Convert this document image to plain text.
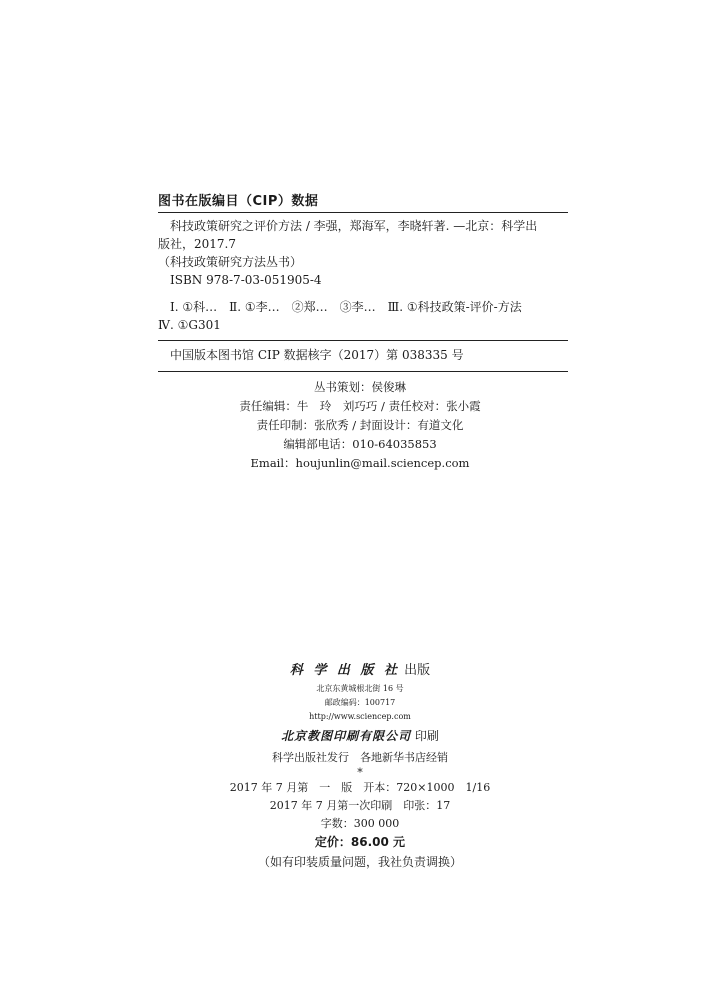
图书在版编目（CIP）数据
科技政策研究之评价方法 / 李强，郑海军，李晓轩著. —北京：科学出
版社，2017.7
（科技政策研究方法丛书）
ISBN 978-7-03-051905-4
Ⅰ. ①科…　Ⅱ. ①李…　②郑…　③李…　Ⅲ. ①科技政策-评价-方法
Ⅳ. ①G301
中国版本图书馆 CIP 数据核字（2017）第 038335 号
丛书策划：侯俊琳
责任编辑：牛　玲　刘巧巧 / 责任校对：张小霞
责任印制：张欣秀 / 封面设计：有道文化
编辑部电话：010-64035853
Email：houjunlin@mail.sciencep.com
科 学 出 版 社 出版
北京东黄城根北街 16 号
邮政编码：100717
http://www.sciencep.com
北京教图印刷有限公司 印刷
科学出版社发行　各地新华书店经销
*
2017 年 7 月第　一　版　开本：720×1000　1/16
2017 年 7 月第一次印刷　印张：17
字数：300 000
定价：86.00 元
（如有印装质量问题，我社负责调换）
